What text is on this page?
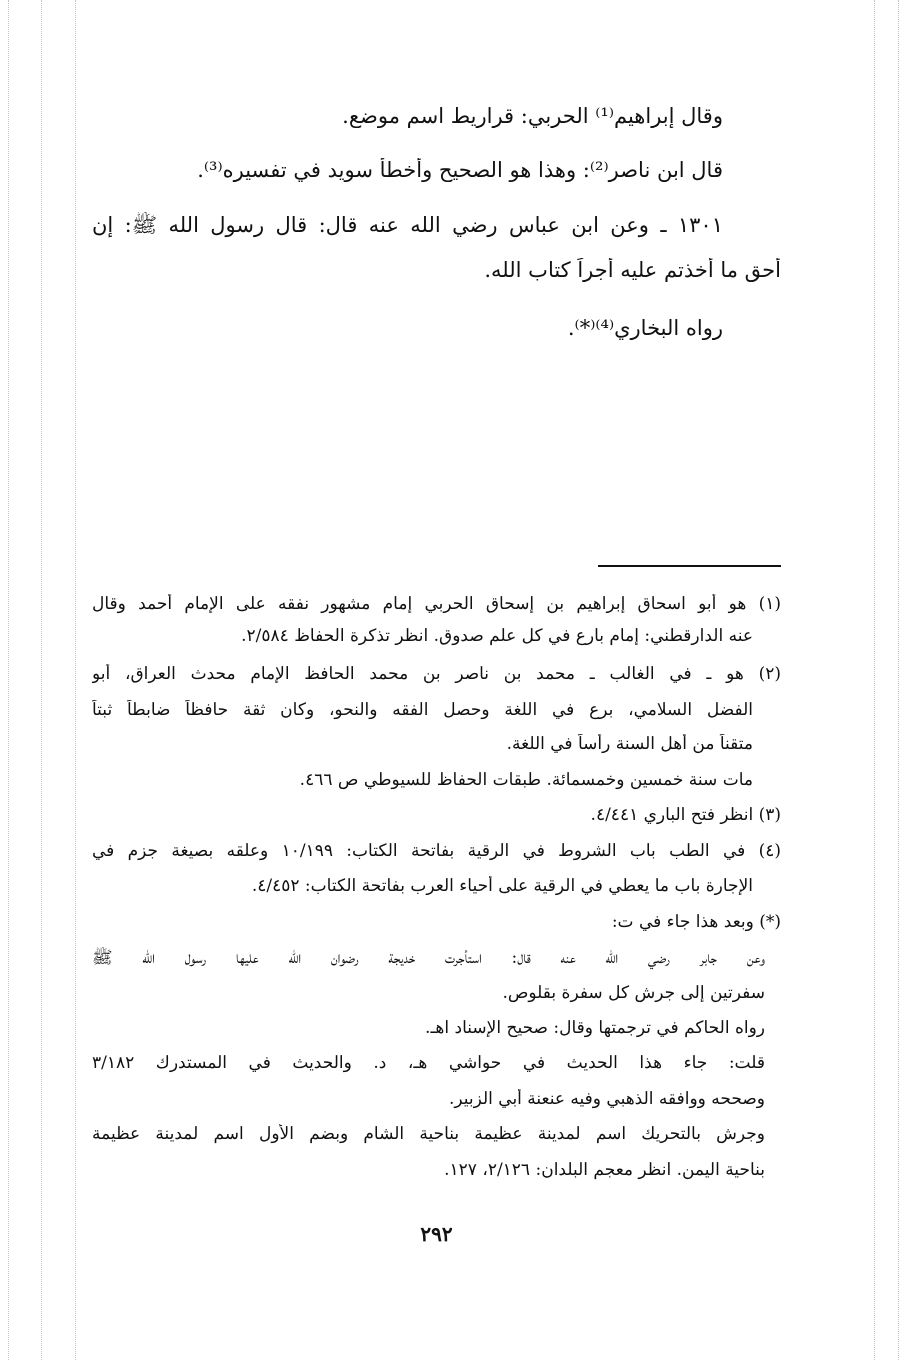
وقال إبراهيم⁽¹⁾ الحربي: قراريط اسم موضع.
قال ابن ناصر⁽²⁾: وهذا هو الصحيح وأخطأ سويد في تفسيره⁽³⁾.
١٣٠١ ـ وعن ابن عباس رضي الله عنه قال: قال رسول الله ﷺ: إن
أحق ما أخذتم عليه أجراً كتاب الله.
رواه البخاري⁽⁴⁾⁽*⁾.
(١) هو أبو اسحاق إبراهيم بن إسحاق الحربي إمام مشهور نفقه على الإمام أحمد وقال
عنه الدارقطني: إمام بارع في كل علم صدوق. انظر تذكرة الحفاظ ٢/٥٨٤.
(٢) هو ـ في الغالب ـ محمد بن ناصر بن محمد الحافظ الإمام محدث العراق، أبو
الفضل السلامي، برع في اللغة وحصل الفقه والنحو، وكان ثقة حافظاً ضابطاً ثبتاً
متقناً من أهل السنة رأساً في اللغة.
مات سنة خمسين وخمسمائة. طبقات الحفاظ للسيوطي ص ٤٦٦.
(٣) انظر فتح الباري ٤/٤٤١.
(٤) في الطب باب الشروط في الرقية بفاتحة الكتاب: ١٠/١٩٩ وعلقه بصيغة جزم في
الإجارة باب ما يعطي في الرقية على أحياء العرب بفاتحة الكتاب: ٤/٤٥٢.
(*) وبعد هذا جاء في ت:
وعن جابر رضي الله عنه قال: استأجرت خديجة رضوان الله عليها رسول الله ﷺ
سفرتين إلى جرش كل سفرة بقلوص.
رواه الحاكم في ترجمتها وقال: صحيح الإسناد اهـ.
قلت: جاء هذا الحديث في حواشي هـ، د. والحديث في المستدرك ٣/١٨٢
وصححه ووافقه الذهبي وفيه عنعنة أبي الزبير.
وجرش بالتحريك اسم لمدينة عظيمة بناحية الشام وبضم الأول اسم لمدينة عظيمة
بناحية اليمن. انظر معجم البلدان: ٢/١٢٦، ١٢٧.
٢٩٢
